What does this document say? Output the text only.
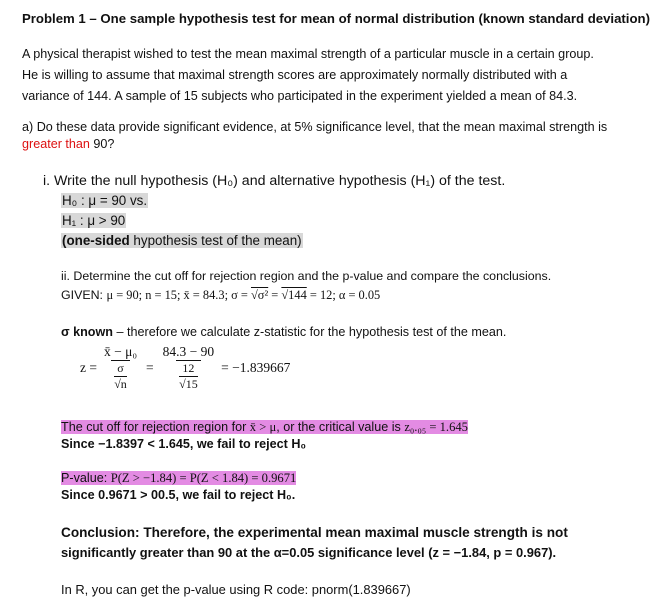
Problem 1 – One sample hypothesis test for mean of normal distribution (known standard deviation)
A physical therapist wished to test the mean maximal strength of a particular muscle in a certain group.
He is willing to assume that maximal strength scores are approximately normally distributed with a
variance of 144. A sample of 15 subjects who participated in the experiment yielded a mean of 84.3.
a) Do these data provide significant evidence, at 5% significance level, that the mean maximal strength is
greater than 90?
i. Write the null hypothesis (H₀) and alternative hypothesis (H₁) of the test.
H₀ : μ = 90 vs.
H₁ : μ > 90
(one-sided hypothesis test of the mean)
ii. Determine the cut off for rejection region and the p-value and compare the conclusions.
GIVEN: μ = 90; n = 15; x̄ = 84.3; σ = √σ² = √144 = 12; α = 0.05
σ known – therefore we calculate z-statistic for the hypothesis test of the mean.
z = x̄ − μ₀
σ
√n = 84.3 − 90
12
√15 = −1.839667
The cut off for rejection region for x̄ > μ, or the critical value is z₀.₀₅ = 1.645
Since −1.8397 < 1.645, we fail to reject H₀
P-value: P(Z > −1.84) = P(Z < 1.84) = 0.9671
Since 0.9671 > 00.5, we fail to reject H₀.
Conclusion: Therefore, the experimental mean maximal muscle strength is not
significantly greater than 90 at the α=0.05 significance level (z = −1.84, p = 0.967).
In R, you can get the p-value using R code: pnorm(1.839667)
